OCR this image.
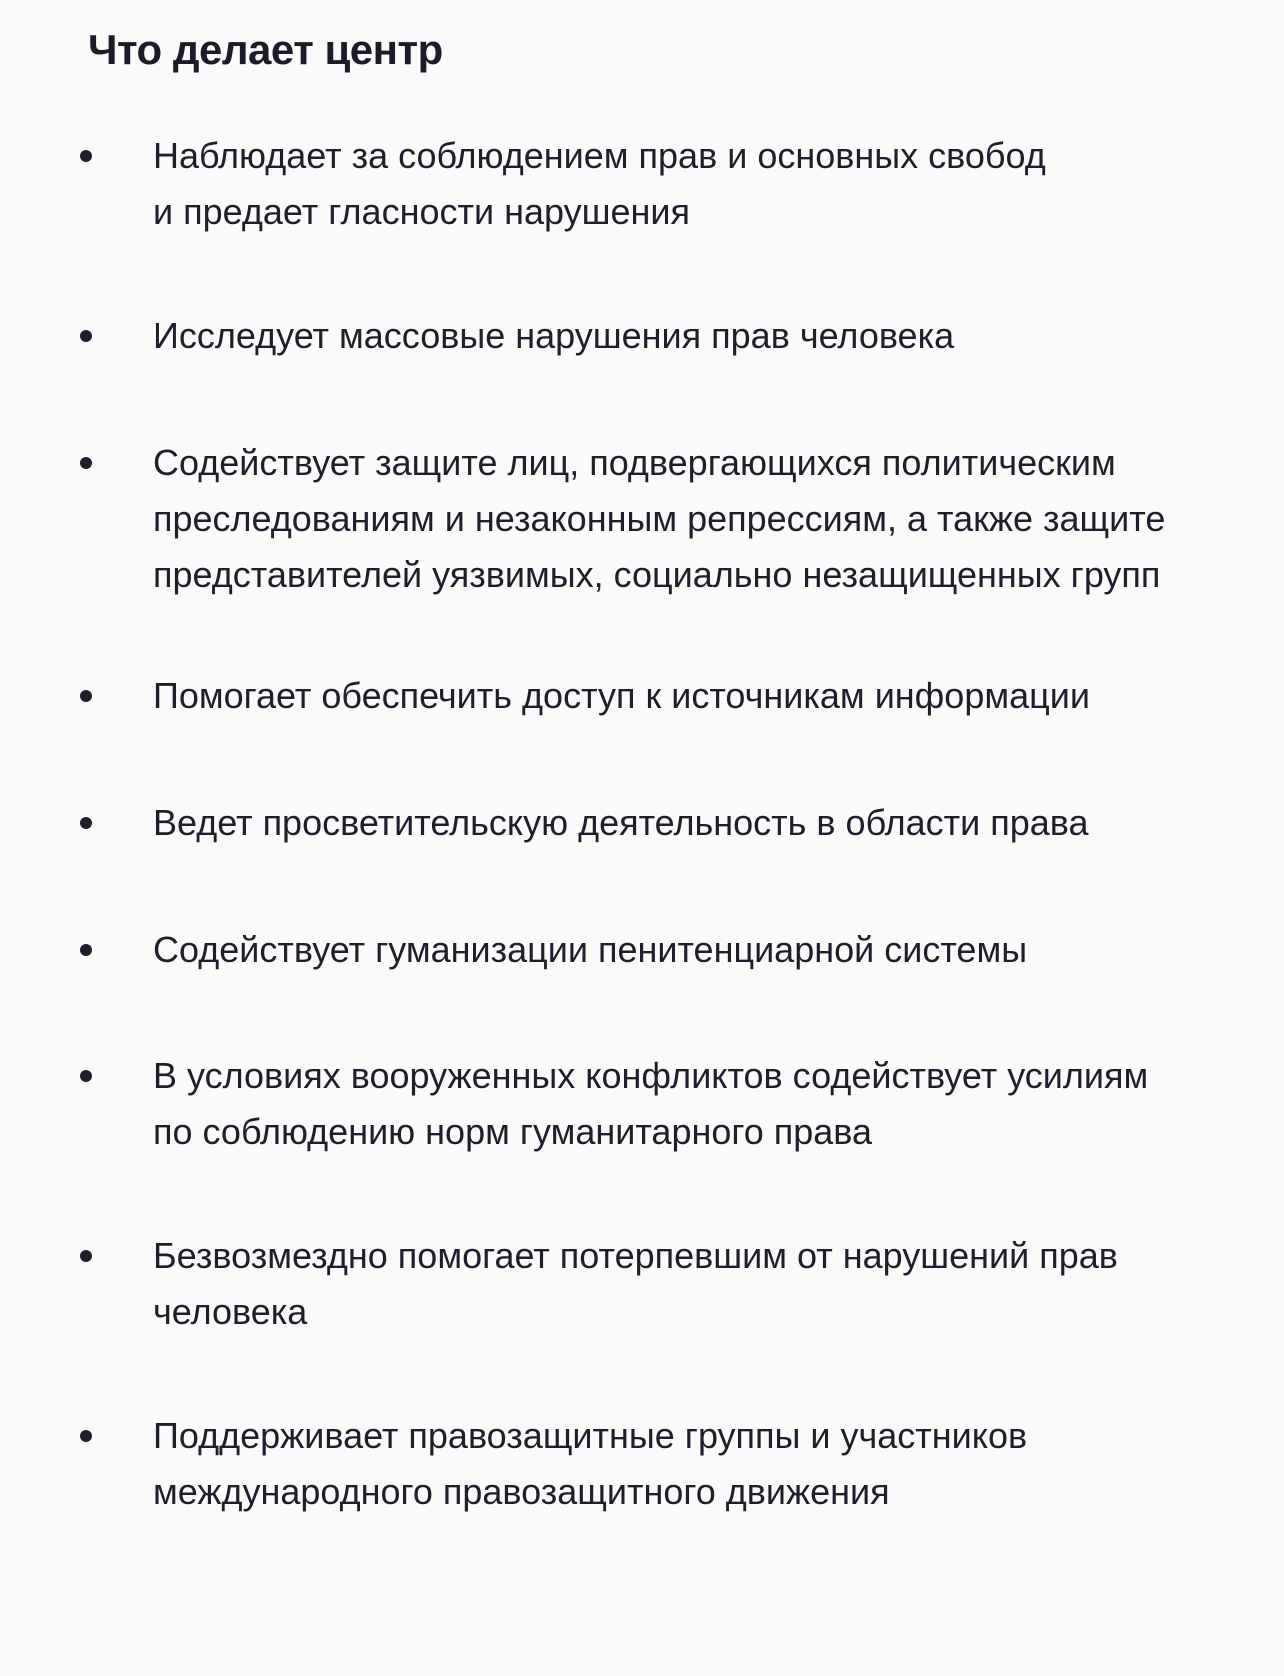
Что делает центр
Наблюдает за соблюдением прав и основных свобод
и предает гласности нарушения
Исследует массовые нарушения прав человека
Содействует защите лиц, подвергающихся политическим
преследованиям и незаконным репрессиям, а также защите
представителей уязвимых, социально незащищенных групп
Помогает обеспечить доступ к источникам информации
Ведет просветительскую деятельность в области права
Содействует гуманизации пенитенциарной системы
В условиях вооруженных конфликтов содействует усилиям
по соблюдению норм гуманитарного права
Безвозмездно помогает потерпевшим от нарушений прав
человека
Поддерживает правозащитные группы и участников
международного правозащитного движения
